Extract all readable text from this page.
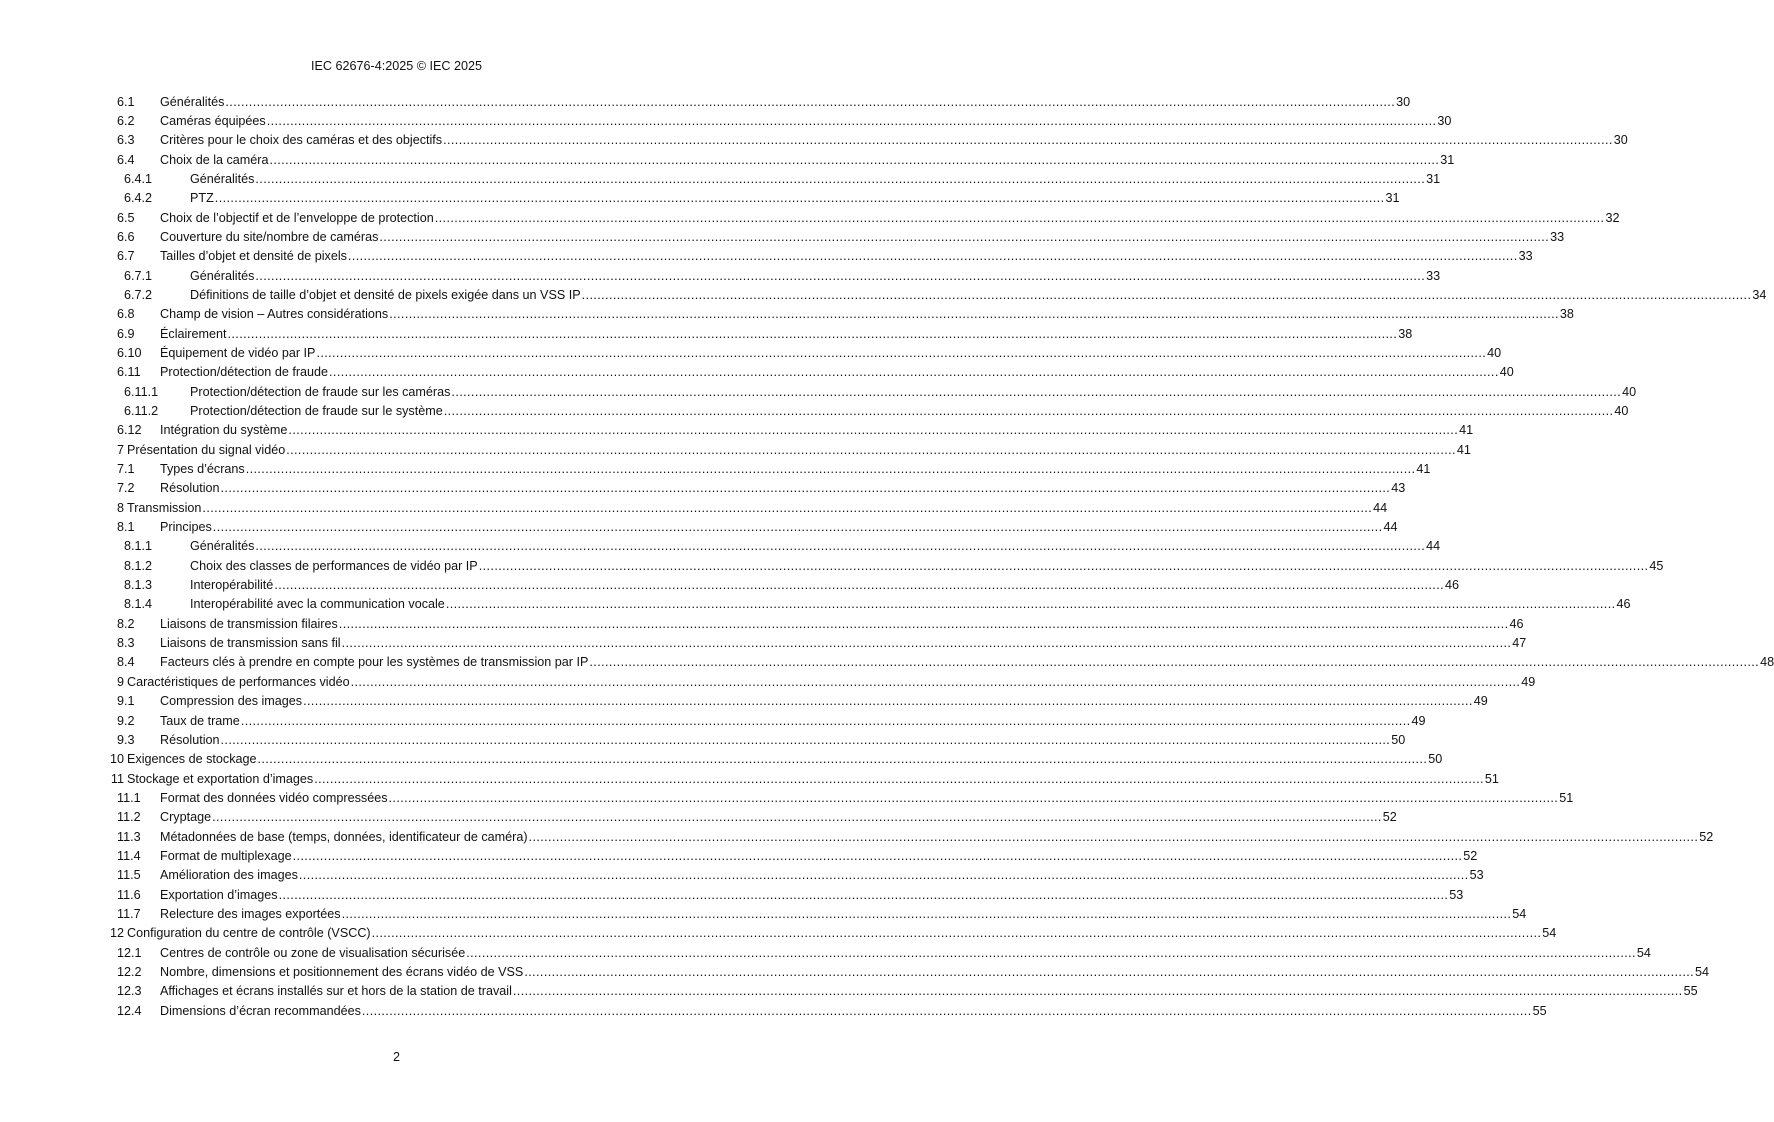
IEC 62676-4:2025 © IEC 2025
6.1 Généralités ............................................................................................................................................................................................................................................................................................................ 30
6.2 Caméras équipées ............................................................................................................................................................................................................................................................................................................ 30
6.3 Critères pour le choix des caméras et des objectifs ............................................................................................................................................................................................................................................................................................................ 30
6.4 Choix de la caméra ............................................................................................................................................................................................................................................................................................................ 31
6.4.1	Généralités ............................................................................................................................................................................................................................................................................................................ 31
6.4.2	PTZ ............................................................................................................................................................................................................................................................................................................ 31
6.5 Choix de l’objectif et de l’enveloppe de protection ............................................................................................................................................................................................................................................................................................................ 32
6.6 Couverture du site/nombre de caméras ............................................................................................................................................................................................................................................................................................................ 33
6.7 Tailles d’objet et densité de pixels ............................................................................................................................................................................................................................................................................................................ 33
6.7.1	Généralités ............................................................................................................................................................................................................................................................................................................ 33
6.7.2	Définitions de taille d’objet et densité de pixels exigée dans un VSS IP ............................................................................................................................................................................................................................................................................................................ 34
6.8 Champ de vision – Autres considérations ............................................................................................................................................................................................................................................................................................................ 38
6.9 Éclairement ............................................................................................................................................................................................................................................................................................................ 38
6.10 Équipement de vidéo par IP ............................................................................................................................................................................................................................................................................................................ 40
6.11 Protection/détection de fraude ............................................................................................................................................................................................................................................................................................................ 40
6.11.1	Protection/détection de fraude sur les caméras ............................................................................................................................................................................................................................................................................................................ 40
6.11.2	Protection/détection de fraude sur le système ............................................................................................................................................................................................................................................................................................................ 40
6.12 Intégration du système ............................................................................................................................................................................................................................................................................................................ 41
7 Présentation du signal vidéo ............................................................................................................................................................................................................................................................................................................ 41
7.1 Types d’écrans ............................................................................................................................................................................................................................................................................................................ 41
7.2 Résolution ............................................................................................................................................................................................................................................................................................................ 43
8 Transmission ............................................................................................................................................................................................................................................................................................................ 44
8.1 Principes ............................................................................................................................................................................................................................................................................................................ 44
8.1.1	Généralités ............................................................................................................................................................................................................................................................................................................ 44
8.1.2	Choix des classes de performances de vidéo par IP ............................................................................................................................................................................................................................................................................................................ 45
8.1.3	Interopérabilité ............................................................................................................................................................................................................................................................................................................ 46
8.1.4	Interopérabilité avec la communication vocale ............................................................................................................................................................................................................................................................................................................ 46
8.2 Liaisons de transmission filaires ............................................................................................................................................................................................................................................................................................................ 46
8.3 Liaisons de transmission sans fil ............................................................................................................................................................................................................................................................................................................ 47
8.4 Facteurs clés à prendre en compte pour les systèmes de transmission par IP ............................................................................................................................................................................................................................................................................................................ 48
9 Caractéristiques de performances vidéo ............................................................................................................................................................................................................................................................................................................ 49
9.1 Compression des images ............................................................................................................................................................................................................................................................................................................ 49
9.2 Taux de trame ............................................................................................................................................................................................................................................................................................................ 49
9.3 Résolution ............................................................................................................................................................................................................................................................................................................ 50
10 Exigences de stockage ............................................................................................................................................................................................................................................................................................................ 50
11 Stockage et exportation d’images ............................................................................................................................................................................................................................................................................................................ 51
11.1 Format des données vidéo compressées ............................................................................................................................................................................................................................................................................................................ 51
11.2 Cryptage ............................................................................................................................................................................................................................................................................................................ 52
11.3 Métadonnées de base (temps, données, identificateur de caméra) ............................................................................................................................................................................................................................................................................................................ 52
11.4 Format de multiplexage ............................................................................................................................................................................................................................................................................................................ 52
11.5 Amélioration des images ............................................................................................................................................................................................................................................................................................................ 53
11.6 Exportation d’images ............................................................................................................................................................................................................................................................................................................ 53
11.7 Relecture des images exportées ............................................................................................................................................................................................................................................................................................................ 54
12 Configuration du centre de contrôle (VSCC) ............................................................................................................................................................................................................................................................................................................ 54
12.1 Centres de contrôle ou zone de visualisation sécurisée ............................................................................................................................................................................................................................................................................................................ 54
12.2 Nombre, dimensions et positionnement des écrans vidéo de VSS ............................................................................................................................................................................................................................................................................................................ 54
12.3 Affichages et écrans installés sur et hors de la station de travail ............................................................................................................................................................................................................................................................................................................ 55
12.4 Dimensions d’écran recommandées ............................................................................................................................................................................................................................................................................................................ 55
2
